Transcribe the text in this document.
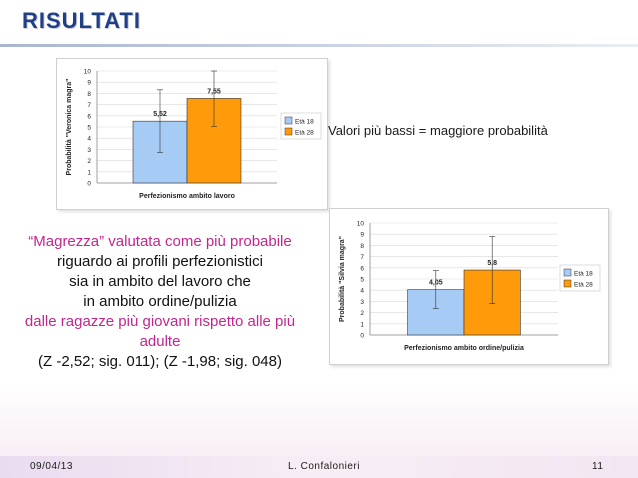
RISULTATI
0
1
2
3
4
5
6
7
8
9
10
5,52
7,55
Perfezionismo ambito lavoro
Probabilità "Veronica magra"	Età 18
Età 28 Valori più bassi = maggiore probabilità
0
1
2
3
4
5
6
7
8
9
10
4,05
5,8
Perfezionismo ambito ordine/pulizia
Probabilità "Silvia magra"	Età 18
Età 28
“Magrezza” valutata come più probabile
riguardo ai profili perfezionistici
sia in ambito del lavoro che
in ambito ordine/pulizia
dalle ragazze più giovani rispetto alle più
adulte
(Z -2,52; sig. 011); (Z -1,98; sig. 048)
09/04/13	L. Confalonieri	11
